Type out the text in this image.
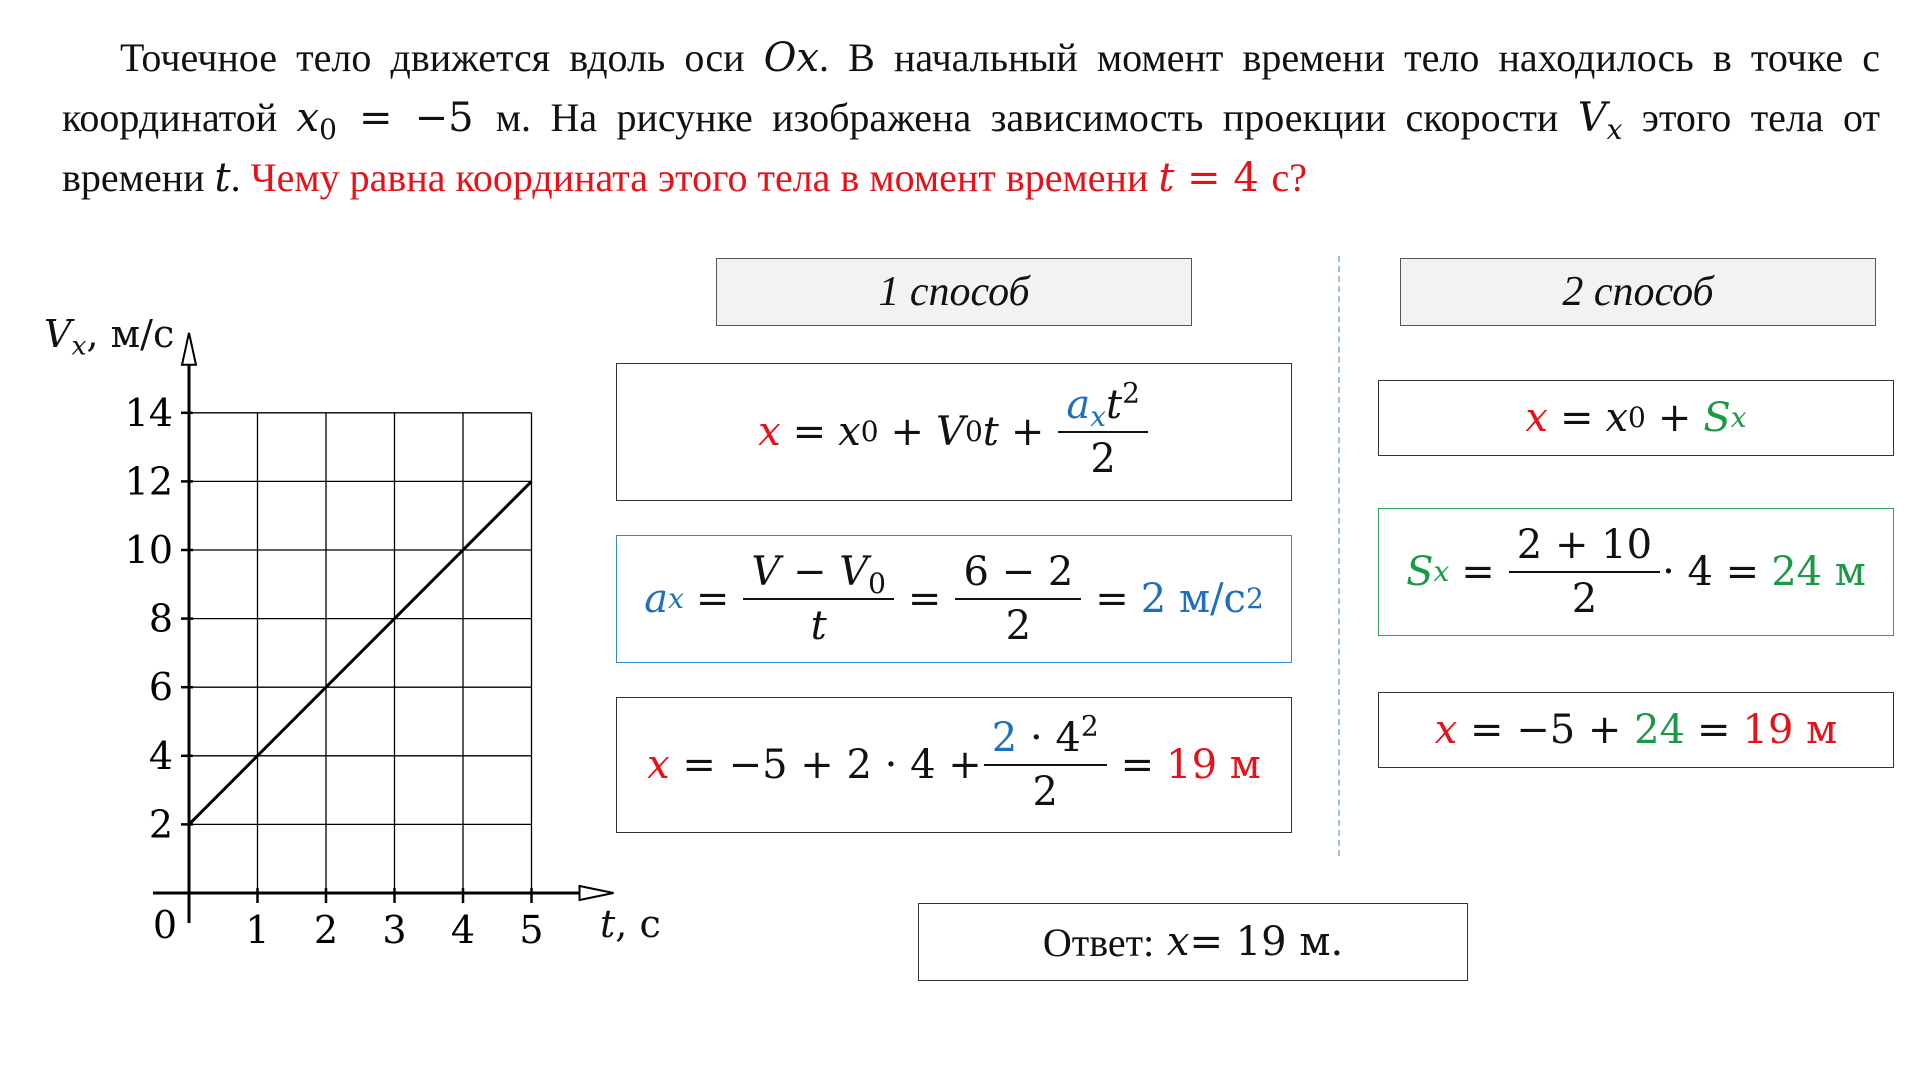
Точечное тело движется вдоль оси Ox. В начальный момент времени тело находилось в точке с координатой $x_0 = -5$ м. На рисунке изображена зависимость проекции скорости $V_x$ этого тела от времени t. Чему равна координата этого тела в момент времени t = 4 с?
1 2 3 4 5
2
4
6
8
10
12
14
0
$V_x$, м/с
t, с
1 способ	2 способ
x = x 0 + V 0 $t + \frac{a_xt^2}{2}$
a $x = \frac{V - V_0}{t} = \frac{6 - 2}{2} = 2$
м/с 2
x
= $-5 + 2 \cdot 4 + \frac{2 \cdot 4^2}{2} = 19$ м
x = x 0 + S x
S $x = \frac{2 + 10}{2} \cdot 4 = 24$ м
x
= −5 +
24 = 19 м
Ответ:
x = 19 м.
